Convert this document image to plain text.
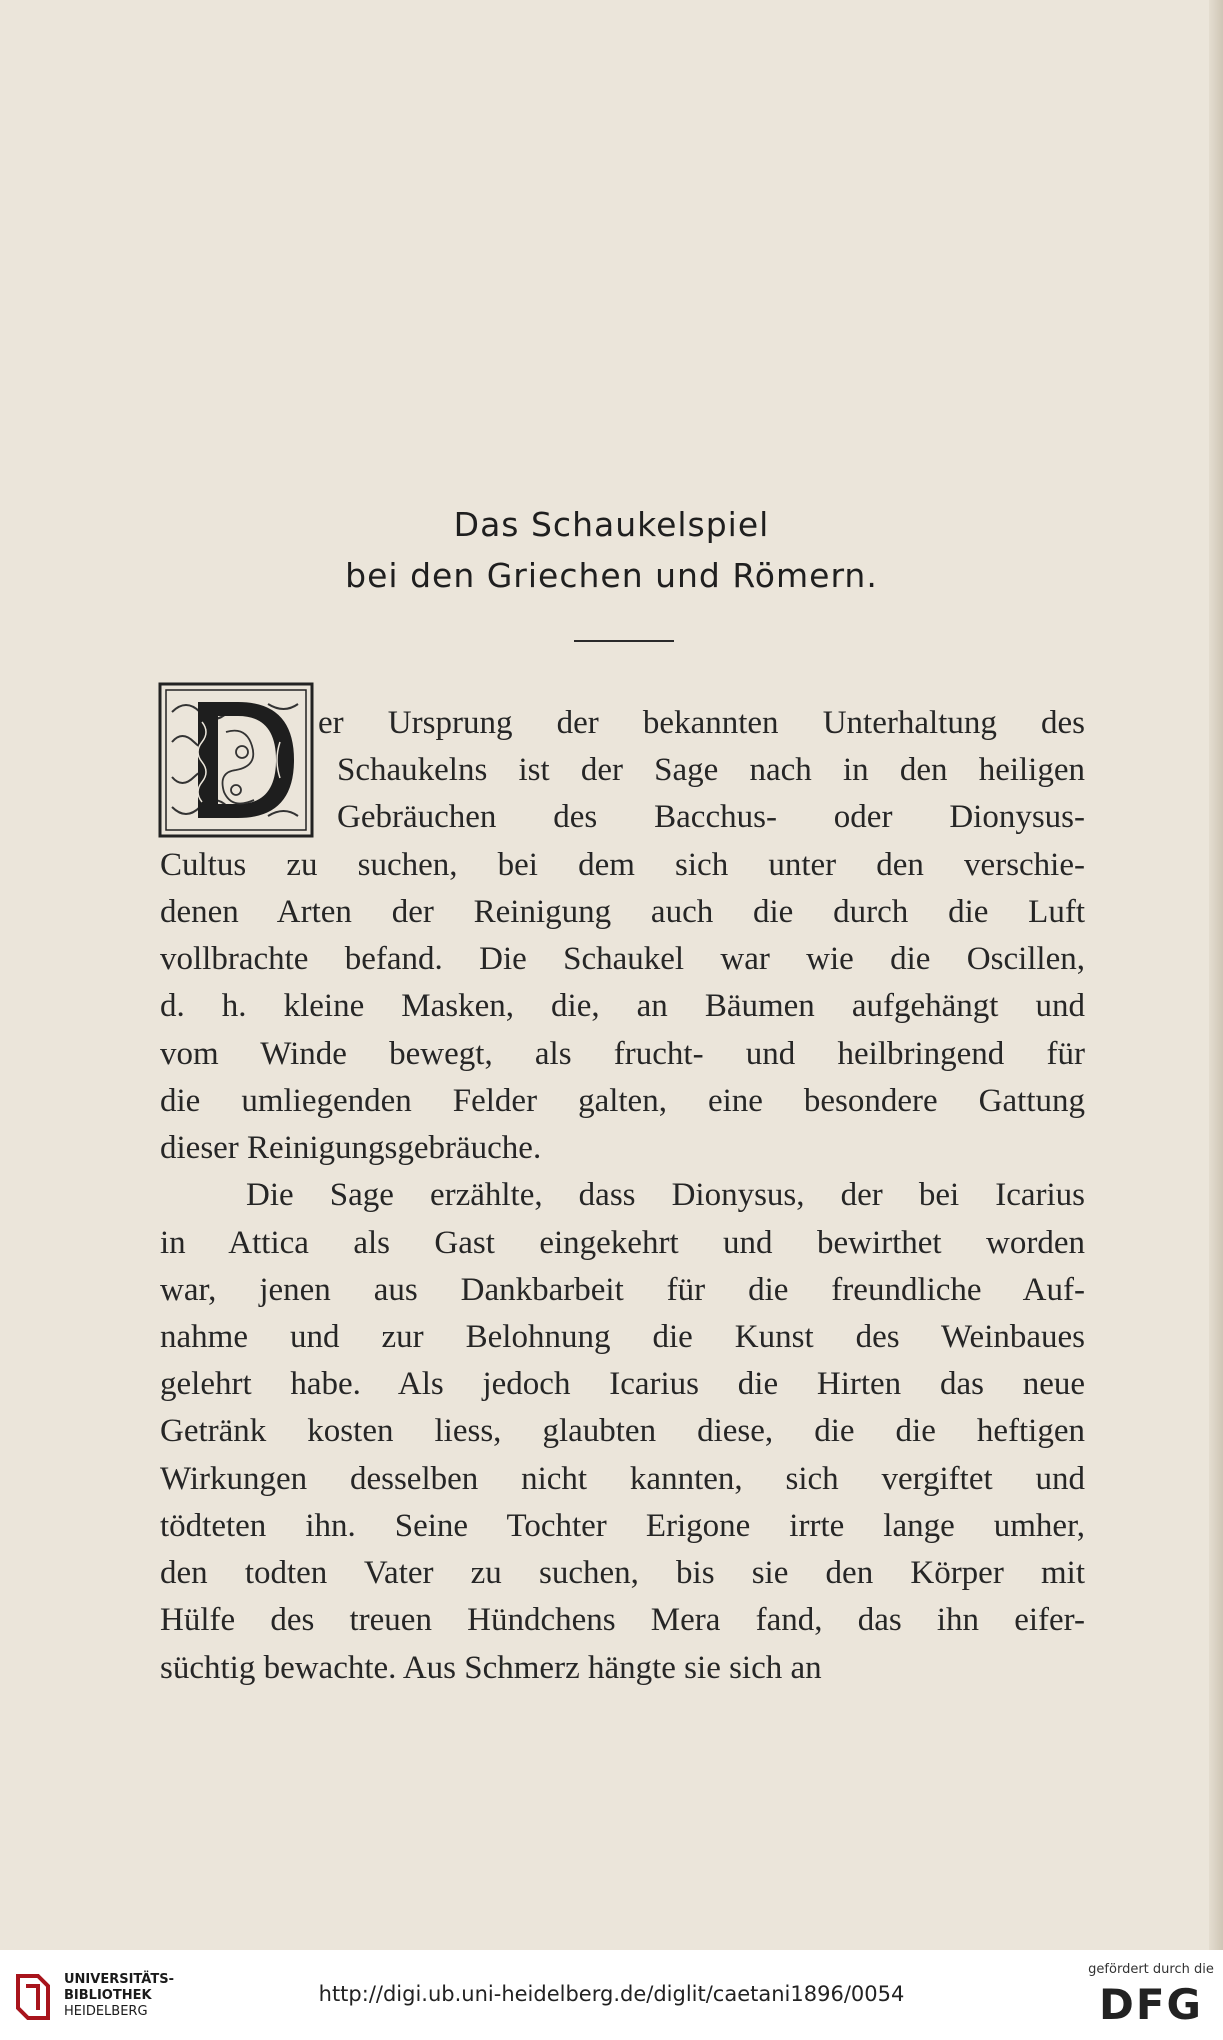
Das Schaukelspiel
bei den Griechen und Römern.
er Ursprung der bekannten Unterhaltung des
Schaukelns ist der Sage nach in den heiligen
Gebräuchen des Bacchus- oder Dionysus-
Cultus zu suchen, bei dem sich unter den verschie-
denen Arten der Reinigung auch die durch die Luft
vollbrachte befand. Die Schaukel war wie die Oscillen,
d. h. kleine Masken, die, an Bäumen aufgehängt und
vom Winde bewegt, als frucht- und heilbringend für
die umliegenden Felder galten, eine besondere Gattung
dieser Reinigungsgebräuche.
Die Sage erzählte, dass Dionysus, der bei Icarius
in Attica als Gast eingekehrt und bewirthet worden
war, jenen aus Dankbarbeit für die freundliche Auf-
nahme und zur Belohnung die Kunst des Weinbaues
gelehrt habe. Als jedoch Icarius die Hirten das neue
Getränk kosten liess, glaubten diese, die die heftigen
Wirkungen desselben nicht kannten, sich vergiftet und
tödteten ihn. Seine Tochter Erigone irrte lange umher,
den todten Vater zu suchen, bis sie den Körper mit
Hülfe des treuen Hündchens Mera fand, das ihn eifer-
süchtig bewachte. Aus Schmerz hängte sie sich an
UNIVERSITÄTS-
BIBLIOTHEK
HEIDELBERG
http://digi.ub.uni-heidelberg.de/diglit/caetani1896/0054
gefördert durch die
DFG
